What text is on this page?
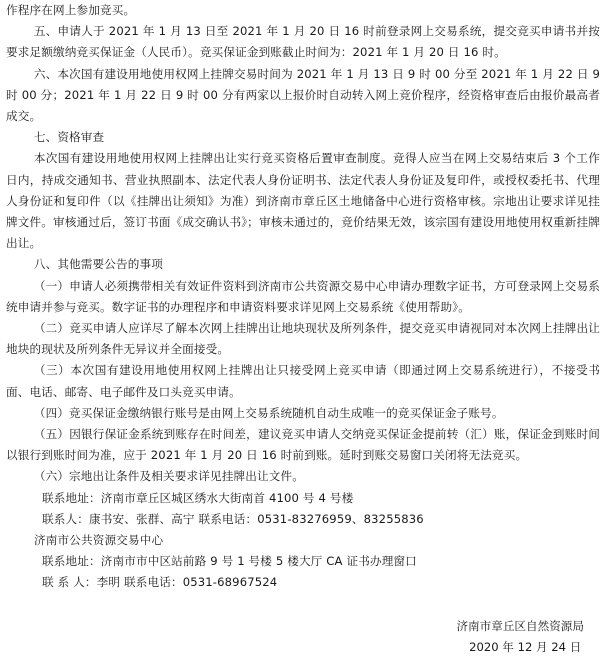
作程序在网上参加竞买。

五、申请人于 2021 年 1 月 13 日至 2021 年 1 月 20 日 16 时前登录网上交易系统，提交竞买申请书并按要求足额缴纳竞买保证金（人民币）。竞买保证金到账截止时间为：2021 年 1 月 20 日 16 时。

六、本次国有建设用地使用权网上挂牌交易时间为 2021 年 1 月 13 日 9 时 00 分至 2021 年 1 月 22 日 9 时 00 分；2021 年 1 月 22 日 9 时 00 分有两家以上报价时自动转入网上竞价程序，经资格审查后由报价最高者成交。

七、资格审查

本次国有建设用地使用权网上挂牌出让实行竞买资格后置审查制度。竞得人应当在网上交易结束后 3 个工作日内，持成交通知书、营业执照副本、法定代表人身份证明书、法定代表人身份证及复印件，或授权委托书、代理人身份证和复印件（以《挂牌出让须知》为准）到济南市章丘区土地储备中心进行资格审核。宗地出让要求详见挂牌文件。审核通过后，签订书面《成交确认书》；审核未通过的，竞价结果无效，该宗国有建设用地使用权重新挂牌出让。

八、其他需要公告的事项

（一）申请人必须携带相关有效证件资料到济南市公共资源交易中心申请办理数字证书，方可登录网上交易系统申请并参与竞买。数字证书的办理程序和申请资料要求详见网上交易系统《使用帮助》。

（二）竞买申请人应详尽了解本次网上挂牌出让地块现状及所列条件，提交竞买申请视同对本次网上挂牌出让地块的现状及所列条件无异议并全面接受。

（三）本次国有建设用地使用权网上挂牌出让只接受网上竞买申请（即通过网上交易系统进行），不接受书面、电话、邮寄、电子邮件及口头竞买申请。

（四）竞买保证金缴纳银行账号是由网上交易系统随机自动生成唯一的竞买保证金子账号。

（五）因银行保证金系统到账存在时间差，建议竞买申请人交纳竞买保证金提前转（汇）账，保证金到账时间以银行到账时间为准，应于 2021 年 1 月 20 日 16 时前到账。延时到账交易窗口关闭将无法竞买。

（六）宗地出让条件及相关要求详见挂牌出让文件。

联系地址：济南市章丘区城区绣水大街南首 4100 号 4 号楼

联系人：康书安、张群、高宁 联系电话：0531-83276959、83255836

济南市公共资源交易中心

联系地址：济南市市中区站前路 9 号 1 号楼 5 楼大厅 CA 证书办理窗口

联 系 人：李明 联系电话：0531-68967524

济南市章丘区自然资源局
2020 年 12 月 24 日
